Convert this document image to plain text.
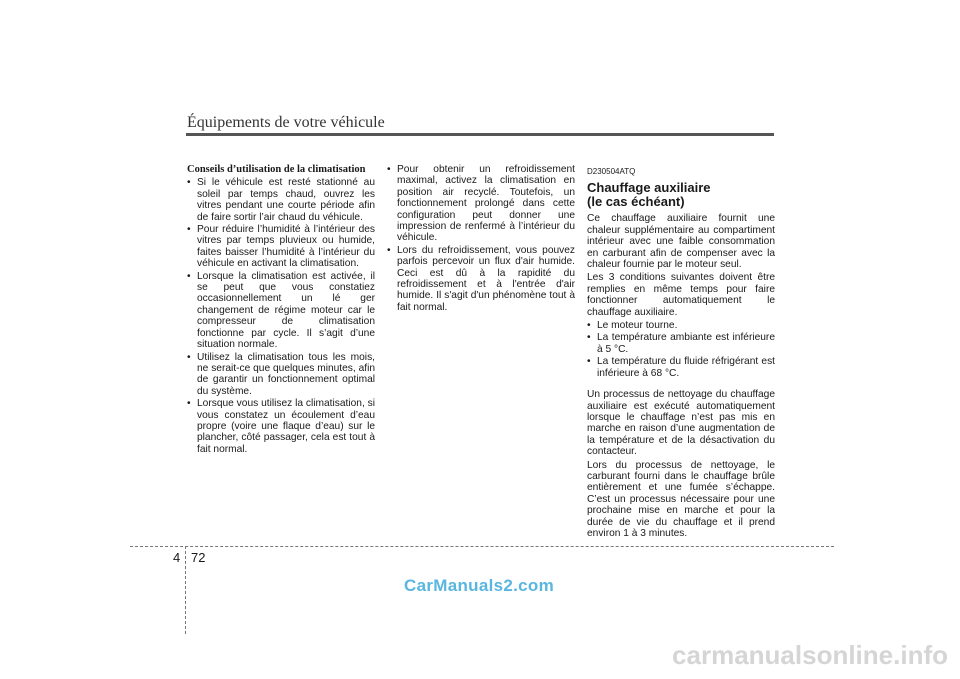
Équipements de votre véhicule
Conseils d’utilisation de la climatisation
• Si le véhicule est resté stationné au soleil par temps chaud, ouvrez les vitres pendant une courte période afin de faire sortir l’air chaud du véhicule.
• Pour réduire l’humidité à l’intérieur des vitres par temps pluvieux ou humide, faites baisser l’humidité à l’intérieur du véhicule en activant la climatisation.
• Lorsque la climatisation est activée, il se peut que vous constatiez occasionnellement un lé ger changement de régime moteur car le compresseur de climatisation fonctionne par cycle. Il s’agit d’une situation normale.
• Utilisez la climatisation tous les mois, ne serait-ce que quelques minutes, afin de garantir un fonctionnement optimal du système.
• Lorsque vous utilisez la climatisation, si vous constatez un écoulement d’eau propre (voire une flaque d’eau) sur le plancher, côté passager, cela est tout à fait normal.
• Pour obtenir un refroidissement maximal, activez la climatisation en position air recyclé. Toutefois, un fonctionnement prolongé dans cette configuration peut donner une impression de renfermé à l’intérieur du véhicule.
• Lors du refroidissement, vous pouvez parfois percevoir un flux d'air humide. Ceci est dû à la rapidité du refroidissement et à l'entrée d'air humide. Il s'agit d'un phénomène tout à fait normal.
D230504ATQ
Chauffage auxiliaire
(le cas échéant)

Ce chauffage auxiliaire fournit une chaleur supplémentaire au compartiment intérieur avec une faible consommation en carburant afin de compenser avec la chaleur fournie par le moteur seul.

Les 3 conditions suivantes doivent être remplies en même temps pour faire fonctionner automatiquement le chauffage auxiliaire.

• Le moteur tourne.
• La température ambiante est inférieure à 5 °C.
• La température du fluide réfrigérant est inférieure à 68 °C.

Un processus de nettoyage du chauffage auxiliaire est exécuté automatiquement lorsque le chauffage n’est pas mis en marche en raison d’une augmentation de la température et de la désactivation du contacteur.

Lors du processus de nettoyage, le carburant fourni dans le chauffage brûle entièrement et une fumée s’échappe. C’est un processus nécessaire pour une prochaine mise en marche et pour la durée de vie du chauffage et il prend environ 1 à 3 minutes.

4 72
CarManuals2.com
carmanualsonline.info
